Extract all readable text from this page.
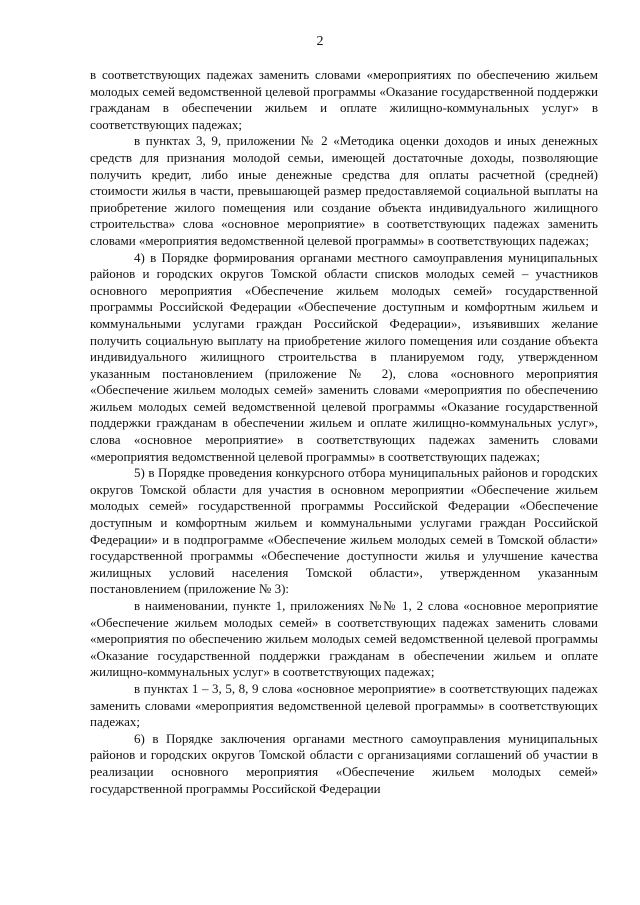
2

в соответствующих падежах заменить словами «мероприятиях по обеспечению жильем молодых семей ведомственной целевой программы «Оказание государственной поддержки гражданам в обеспечении жильем и оплате жилищно-коммунальных услуг» в соответствующих падежах;

в пунктах 3, 9, приложении № 2 «Методика оценки доходов и иных денежных средств для признания молодой семьи, имеющей достаточные доходы, позволяющие получить кредит, либо иные денежные средства для оплаты расчетной (средней) стоимости жилья в части, превышающей размер предоставляемой социальной выплаты на приобретение жилого помещения или создание объекта индивидуального жилищного строительства» слова «основное мероприятие» в соответствующих падежах заменить словами «мероприятия ведомственной целевой программы» в соответствующих падежах;

4) в Порядке формирования органами местного самоуправления муниципальных районов и городских округов Томской области списков молодых семей – участников основного мероприятия «Обеспечение жильем молодых семей» государственной программы Российской Федерации «Обеспечение доступным и комфортным жильем и коммунальными услугами граждан Российской Федерации», изъявивших желание получить социальную выплату на приобретение жилого помещения или создание объекта индивидуального жилищного строительства в планируемом году, утвержденном указанным постановлением (приложение № 2), слова «основного мероприятия «Обеспечение жильем молодых семей» заменить словами «мероприятия по обеспечению жильем молодых семей ведомственной целевой программы «Оказание государственной поддержки гражданам в обеспечении жильем и оплате жилищно-коммунальных услуг», слова «основное мероприятие» в соответствующих падежах заменить словами «мероприятия ведомственной целевой программы» в соответствующих падежах;

5) в Порядке проведения конкурсного отбора муниципальных районов и городских округов Томской области для участия в основном мероприятии «Обеспечение жильем молодых семей» государственной программы Российской Федерации «Обеспечение доступным и комфортным жильем и коммунальными услугами граждан Российской Федерации» и в подпрограмме «Обеспечение жильем молодых семей в Томской области» государственной программы «Обеспечение доступности жилья и улучшение качества жилищных условий населения Томской области», утвержденном указанным постановлением (приложение № 3):

в наименовании, пункте 1, приложениях №№ 1, 2 слова «основное мероприятие «Обеспечение жильем молодых семей» в соответствующих падежах заменить словами «мероприятия по обеспечению жильем молодых семей ведомственной целевой программы «Оказание государственной поддержки гражданам в обеспечении жильем и оплате жилищно-коммунальных услуг» в соответствующих падежах;

в пунктах 1 – 3, 5, 8, 9 слова «основное мероприятие» в соответствующих падежах заменить словами «мероприятия ведомственной целевой программы» в соответствующих падежах;

6) в Порядке заключения органами местного самоуправления муниципальных районов и городских округов Томской области с организациями соглашений об участии в реализации основного мероприятия «Обеспечение жильем молодых семей» государственной программы Российской Федерации
